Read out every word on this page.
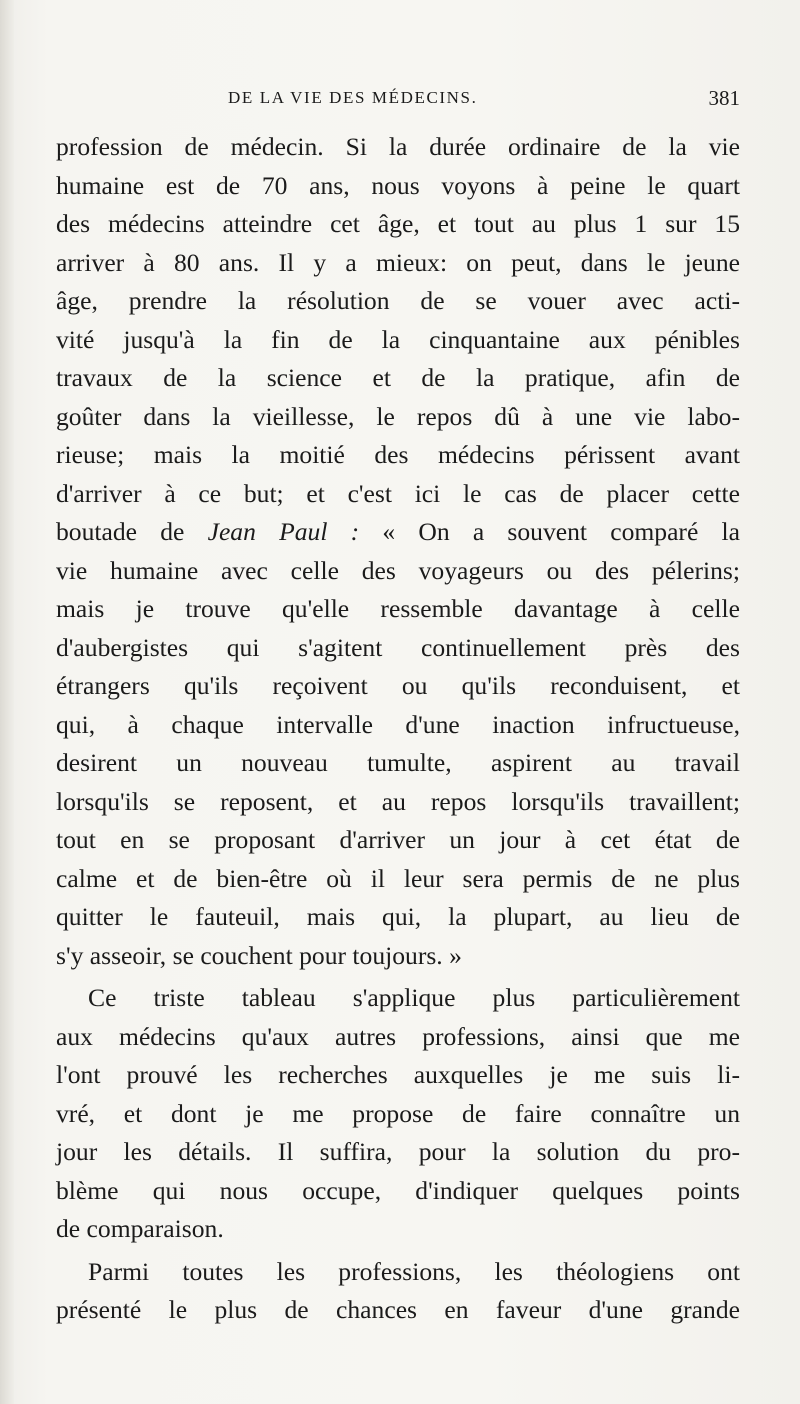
DE LA VIE DES MÉDECINS.	381
profession de médecin. Si la durée ordinaire de la vie
humaine est de 70 ans, nous voyons à peine le quart
des médecins atteindre cet âge, et tout au plus 1 sur 15
arriver à 80 ans. Il y a mieux: on peut, dans le jeune
âge, prendre la résolution de se vouer avec acti-
vité jusqu'à la fin de la cinquantaine aux pénibles
travaux de la science et de la pratique, afin de
goûter dans la vieillesse, le repos dû à une vie labo-
rieuse; mais la moitié des médecins périssent avant
d'arriver à ce but; et c'est ici le cas de placer cette
boutade de Jean Paul : « On a souvent comparé la
vie humaine avec celle des voyageurs ou des pélerins;
mais je trouve qu'elle ressemble davantage à celle
d'aubergistes qui s'agitent continuellement près des
étrangers qu'ils reçoivent ou qu'ils reconduisent, et
qui, à chaque intervalle d'une inaction infructueuse,
desirent un nouveau tumulte, aspirent au travail
lorsqu'ils se reposent, et au repos lorsqu'ils travaillent;
tout en se proposant d'arriver un jour à cet état de
calme et de bien-être où il leur sera permis de ne plus
quitter le fauteuil, mais qui, la plupart, au lieu de
s'y asseoir, se couchent pour toujours. »
Ce triste tableau s'applique plus particulièrement
aux médecins qu'aux autres professions, ainsi que me
l'ont prouvé les recherches auxquelles je me suis li-
vré, et dont je me propose de faire connaître un
jour les détails. Il suffira, pour la solution du pro-
blème qui nous occupe, d'indiquer quelques points
de comparaison.
Parmi toutes les professions, les théologiens ont
présenté le plus de chances en faveur d'une grande
